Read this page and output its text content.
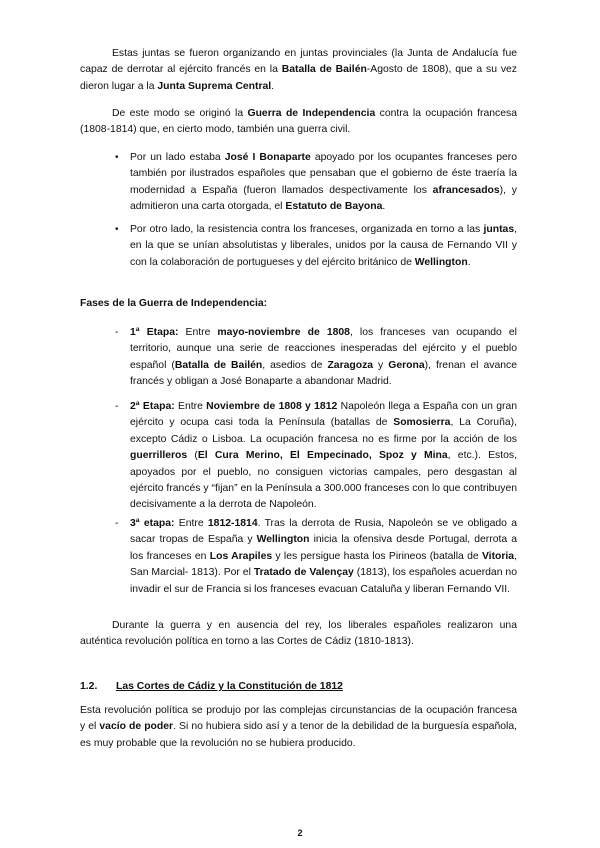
Estas juntas se fueron organizando en juntas provinciales (la Junta de Andalucía fue capaz de derrotar al ejército francés en la Batalla de Bailén-Agosto de 1808), que a su vez dieron lugar a la Junta Suprema Central.

De este modo se originó la Guerra de Independencia contra la ocupación francesa (1808-1814) que, en cierto modo, también una guerra civil.

• Por un lado estaba José I Bonaparte apoyado por los ocupantes franceses pero también por ilustrados españoles que pensaban que el gobierno de éste traería la modernidad a España (fueron llamados despectivamente los afrancesados), y admitieron una carta otorgada, el Estatuto de Bayona.

• Por otro lado, la resistencia contra los franceses, organizada en torno a las juntas, en la que se unían absolutistas y liberales, unidos por la causa de Fernando VII y con la colaboración de portugueses y del ejército británico de Wellington.

Fases de la Guerra de Independencia:

- 1ª Etapa: Entre mayo-noviembre de 1808, los franceses van ocupando el territorio, aunque una serie de reacciones inesperadas del ejército y el pueblo español (Batalla de Bailén, asedios de Zaragoza y Gerona), frenan el avance francés y obligan a José Bonaparte a abandonar Madrid.

- 2ª Etapa: Entre Noviembre de 1808 y 1812 Napoleón llega a España con un gran ejército y ocupa casi toda la Península (batallas de Somosierra, La Coruña), excepto Cádiz o Lisboa. La ocupación francesa no es firme por la acción de los guerrilleros (El Cura Merino, El Empecinado, Spoz y Mina, etc.). Estos, apoyados por el pueblo, no consiguen victorias campales, pero desgastan al ejército francés y “fijan” en la Península a 300.000 franceses con lo que contribuyen decisivamente a la derrota de Napoleón.

- 3ª etapa: Entre 1812-1814. Tras la derrota de Rusia, Napoleón se ve obligado a sacar tropas de España y Wellington inicia la ofensiva desde Portugal, derrota a los franceses en Los Arapiles y les persigue hasta los Pirineos (batalla de Vitoria, San Marcial- 1813). Por el Tratado de Valençay (1813), los españoles acuerdan no invadir el sur de Francia si los franceses evacuan Cataluña y liberan Fernando VII.

Durante la guerra y en ausencia del rey, los liberales españoles realizaron una auténtica revolución política en torno a las Cortes de Cádiz (1810-1813).

1.2. Las Cortes de Cádiz y la Constitución de 1812

Esta revolución política se produjo por las complejas circunstancias de la ocupación francesa y el vacío de poder. Si no hubiera sido así y a tenor de la debilidad de la burguesía española, es muy probable que la revolución no se hubiera producido.

2
